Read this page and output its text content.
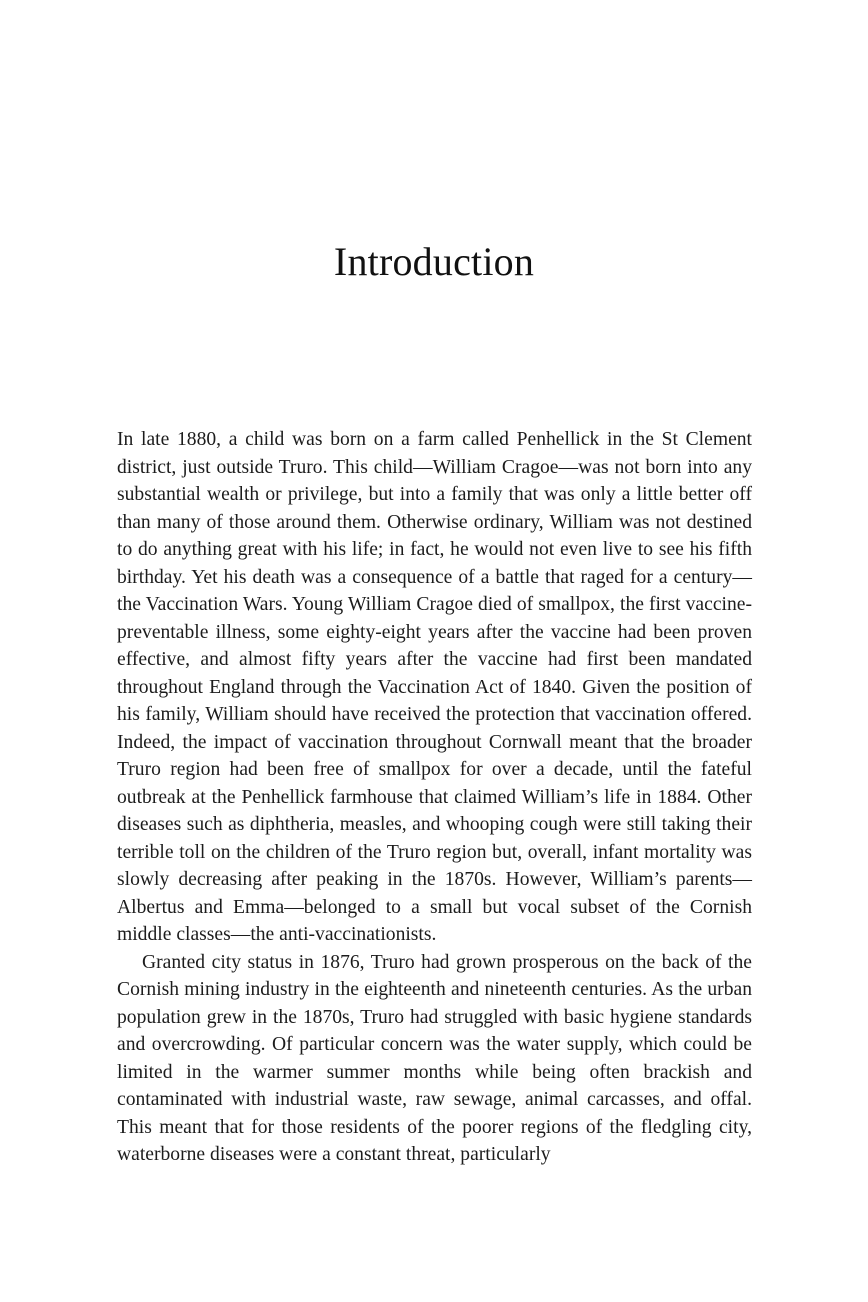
Introduction

In late 1880, a child was born on a farm called Penhellick in the St Clement district, just outside Truro. This child—William Cragoe—was not born into any substantial wealth or privilege, but into a family that was only a little better off than many of those around them. Otherwise ordinary, William was not destined to do anything great with his life; in fact, he would not even live to see his fifth birthday. Yet his death was a consequence of a battle that raged for a century—the Vaccination Wars. Young William Cragoe died of smallpox, the first vaccine-preventable illness, some eighty-eight years after the vaccine had been proven effective, and almost fifty years after the vaccine had first been mandated throughout England through the Vaccination Act of 1840. Given the position of his family, William should have received the protection that vaccination offered. Indeed, the impact of vaccination throughout Cornwall meant that the broader Truro region had been free of smallpox for over a decade, until the fateful outbreak at the Penhellick farmhouse that claimed William’s life in 1884. Other diseases such as diphtheria, measles, and whooping cough were still taking their terrible toll on the children of the Truro region but, overall, infant mortality was slowly decreasing after peaking in the 1870s. However, William’s parents—Albertus and Emma—belonged to a small but vocal subset of the Cornish middle classes—the anti-vaccinationists.

Granted city status in 1876, Truro had grown prosperous on the back of the Cornish mining industry in the eighteenth and nineteenth centuries. As the urban population grew in the 1870s, Truro had struggled with basic hygiene standards and overcrowding. Of particular concern was the water supply, which could be limited in the warmer summer months while being often brackish and contaminated with industrial waste, raw sewage, animal carcasses, and offal. This meant that for those residents of the poorer regions of the fledgling city, waterborne diseases were a constant threat, particularly
